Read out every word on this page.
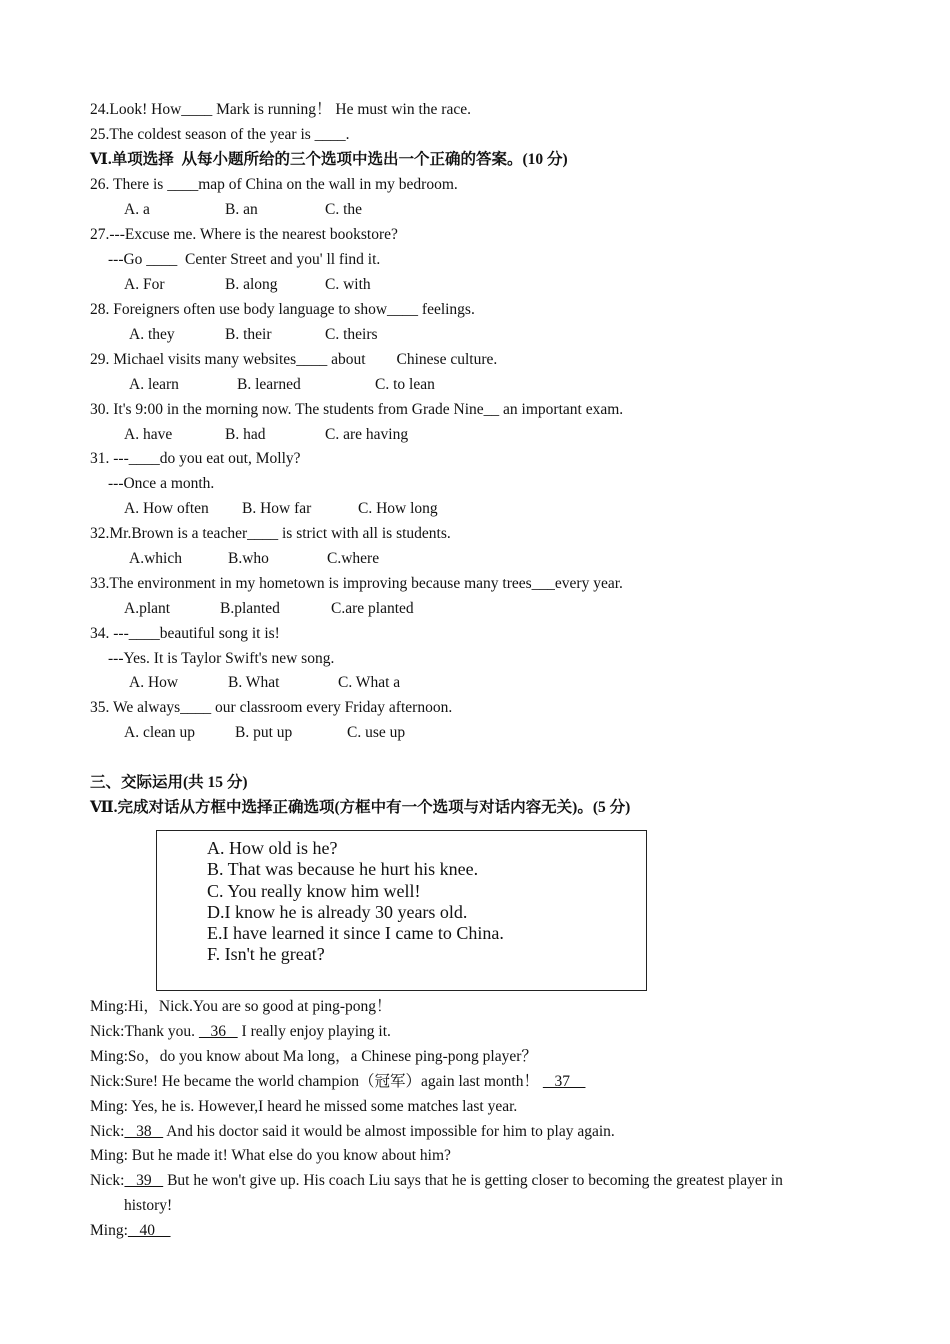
24.Look! How____ Mark is running！ He must win the race.
25.The coldest season of the year is ____.
Ⅵ.单项选择  从每小题所给的三个选项中选出一个正确的答案。(10 分)
26. There is ____map of China on the wall in my bedroom.
A. a	B. an	C. the
27.---Excuse me. Where is the nearest bookstore?
---Go ____  Center Street and you' ll find it.
A. For	B. along	C. with
28. Foreigners often use body language to show____ feelings.
A. they	B. their	C. theirs
29. Michael visits many websites____ about        Chinese culture.
A. learn	B. learned	C. to lean
30. It's 9:00 in the morning now. The students from Grade Nine__ an important exam.
A. have	B. had	C. are having
31. ---____do you eat out, Molly?
---Once a month.
A. How often B. How far	C. How long
32.Mr.Brown is a teacher____ is strict with all is students.
A.which	B.who	C.where
33.The environment in my hometown is improving because many trees___every year.
A.plant	B.planted	C.are planted
34. ---____beautiful song it is!
---Yes. It is Taylor Swift's new song.
A. How	B. What	C. What a
35. We always____ our classroom every Friday afternoon.
A. clean up	B. put up	C. use up
三、交际运用(共 15 分)
Ⅶ.完成对话从方框中选择正确选项(方框中有一个选项与对话内容无关)。(5 分)
A. How old is he?
B. That was because he hurt his knee.
C. You really know him well!
D.I know he is already 30 years old.
E.I have learned it since I came to China.
F. Isn't he great?
Ming:Hi，Nick.You are so good at ping-pong！
Nick:Thank you.    36    I really enjoy playing it.
Ming:So，do you know about Ma long，a Chinese ping-pong player？
Nick:Sure! He became the world champion（冠军）again last month！    37
Ming: Yes, he is. However,I heard he missed some matches last year.
Nick:   38    And his doctor said it would be almost impossible for him to play again.
Ming: But he made it! What else do you know about him?
Nick:   39    But he won't give up. His coach Liu says that he is getting closer to becoming the greatest player in
history!
Ming:   40
